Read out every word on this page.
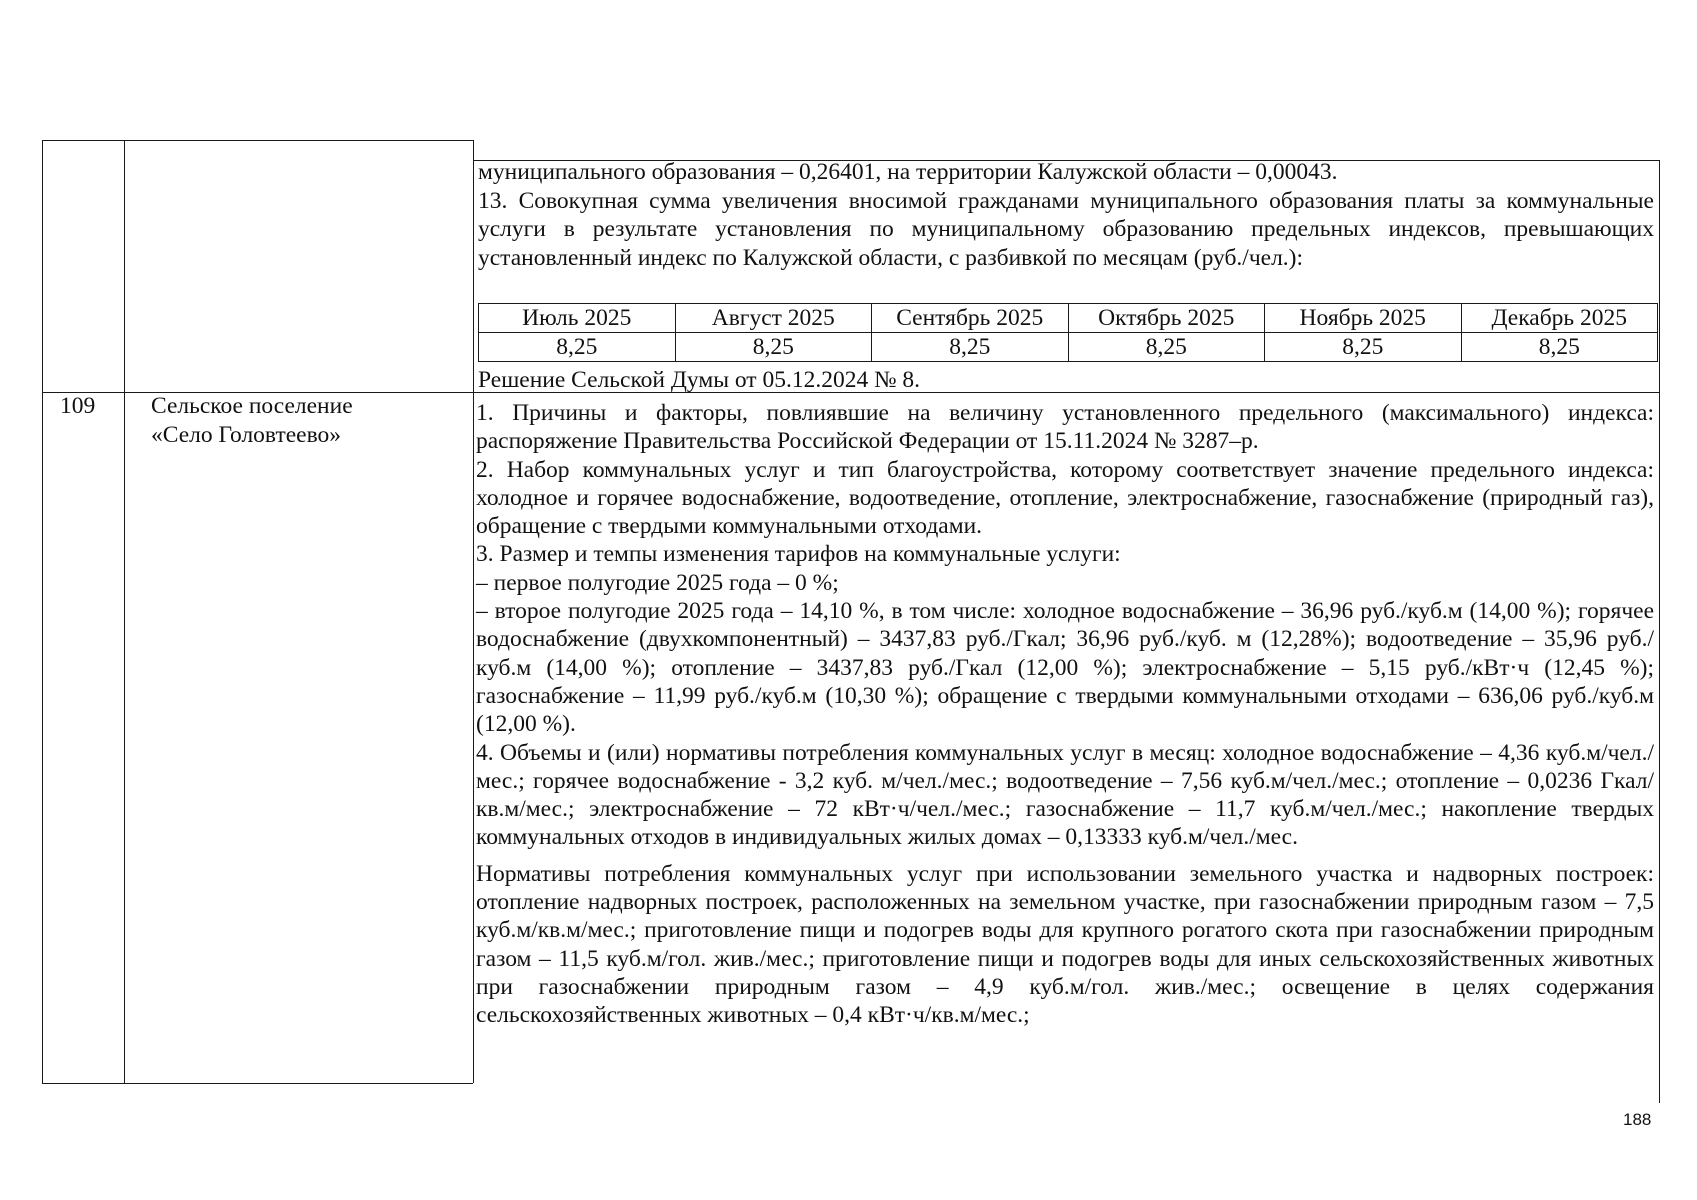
муниципального образования – 0,26401, на территории Калужской области – 0,00043.

13. Совокупная сумма увеличения вносимой гражданами муниципального образования платы за коммунальные услуги в результате установления по муниципальному образованию предельных индексов, превышающих установленный индекс по Калужской области, с разбивкой по месяцам (руб./чел.):

Июль 2025	Август 2025	Сентябрь 2025	Октябрь 2025	Ноябрь 2025	Декабрь 2025
8,25	8,25	8,25	8,25	8,25	8,25
Решение Сельской Думы от 05.12.2024 № 8.
109 Сельское поселение
«Село Головтеево»

1. Причины и факторы, повлиявшие на величину установленного предельного (максимального) индекса: распоряжение Правительства Российской Федерации от 15.11.2024 № 3287–р.

2. Набор коммунальных услуг и тип благоустройства, которому соответствует значение предельного индекса: холодное и горячее водоснабжение, водоотведение, отопление, электроснабжение, газоснабжение (природный газ), обращение с твердыми коммунальными отходами.

3. Размер и темпы изменения тарифов на коммунальные услуги:

– первое полугодие 2025 года – 0 %;

– второе полугодие 2025 года – 14,10 %, в том числе: холодное водоснабжение – 36,96 руб./куб.м (14,00 %); горячее водоснабжение (двухкомпонентный) – 3437,83 руб./Гкал; 36,96 руб./куб. м (12,28%); водоотведение – 35,96 руб./куб.м (14,00 %); отопление – 3437,83 руб./Гкал (12,00 %); электроснабжение – 5,15 руб./кВт·ч (12,45 %); газоснабжение – 11,99 руб./куб.м (10,30 %); обращение с твердыми коммунальными отходами – 636,06 руб./куб.м (12,00 %).

4. Объемы и (или) нормативы потребления коммунальных услуг в месяц: холодное водоснабжение – 4,36 куб.м/чел./мес.; горячее водоснабжение - 3,2 куб. м/чел./мес.; водоотведение – 7,56 куб.м/чел./мес.; отопление – 0,0236 Гкал/кв.м/мес.; электроснабжение – 72 кВт·ч/чел./мес.; газоснабжение – 11,7 куб.м/чел./мес.; накопление твердых коммунальных отходов в индивидуальных жилых домах – 0,13333 куб.м/чел./мес.

Нормативы потребления коммунальных услуг при использовании земельного участка и надворных построек: отопление надворных построек, расположенных на земельном участке, при газоснабжении природным газом – 7,5 куб.м/кв.м/мес.; приготовление пищи и подогрев воды для крупного рогатого скота при газоснабжении природным газом – 11,5 куб.м/гол. жив./мес.; приготовление пищи и подогрев воды для иных сельскохозяйственных животных при газоснабжении природным газом – 4,9 куб.м/гол. жив./мес.; освещение в целях содержания сельскохозяйственных животных – 0,4 кВт·ч/кв.м/мес.;

188
